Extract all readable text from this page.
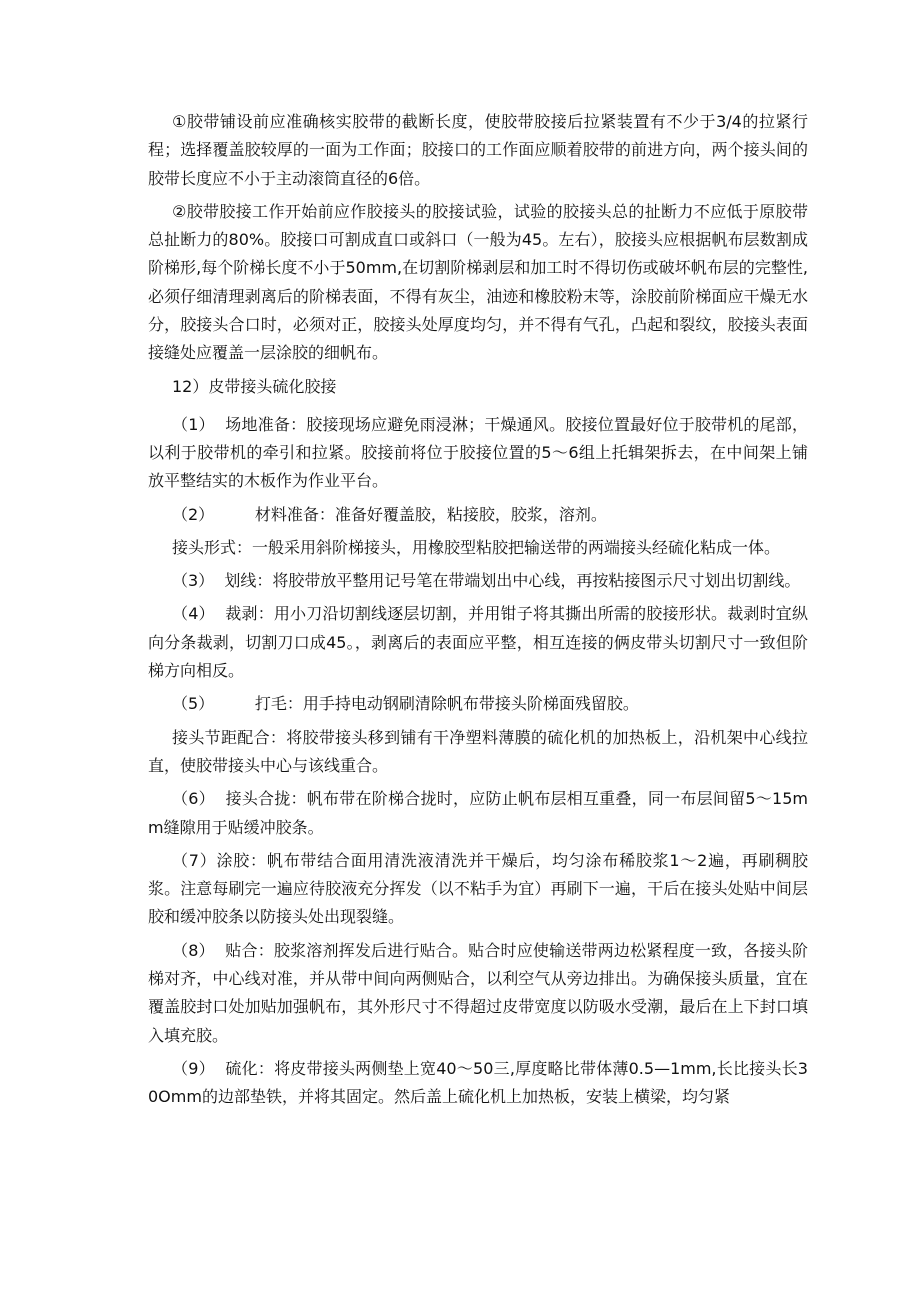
①胶带铺设前应准确核实胶带的截断长度，使胶带胶接后拉紧装置有不少于3/4的拉紧行程；选择覆盖胶较厚的一面为工作面；胶接口的工作面应顺着胶带的前进方向，两个接头间的胶带长度应不小于主动滚筒直径的6倍。

②胶带胶接工作开始前应作胶接头的胶接试验，试验的胶接头总的扯断力不应低于原胶带总扯断力的80%。胶接口可割成直口或斜口（一般为45。左右），胶接头应根据帆布层数割成阶梯形,每个阶梯长度不小于50mm,在切割阶梯剥层和加工时不得切伤或破坏帆布层的完整性,必须仔细清理剥离后的阶梯表面，不得有灰尘，油迹和橡胶粉末等，涂胶前阶梯面应干燥无水分，胶接头合口时，必须对正，胶接头处厚度均匀，并不得有气孔，凸起和裂纹，胶接头表面接缝处应覆盖一层涂胶的细帆布。

12）皮带接头硫化胶接

（1）  场地准备：胶接现场应避免雨浸淋；干燥通风。胶接位置最好位于胶带机的尾部，以利于胶带机的牵引和拉紧。胶接前将位于胶接位置的5～6组上托辑架拆去，在中间架上铺放平整结实的木板作为作业平台。

（2）        材料准备：准备好覆盖胶，粘接胶，胶浆，溶剂。

接头形式：一般采用斜阶梯接头，用橡胶型粘胶把输送带的两端接头经硫化粘成一体。

（3）  划线：将胶带放平整用记号笔在带端划出中心线，再按粘接图示尺寸划出切割线。

（4）  裁剥：用小刀沿切割线逐层切割，并用钳子将其撕出所需的胶接形状。裁剥时宜纵向分条裁剥，切割刀口成45。，剥离后的表面应平整，相互连接的俩皮带头切割尺寸一致但阶梯方向相反。

（5）        打毛：用手持电动钢刷清除帆布带接头阶梯面残留胶。

接头节距配合：将胶带接头移到铺有干净塑料薄膜的硫化机的加热板上，沿机架中心线拉直，使胶带接头中心与该线重合。

（6）  接头合拢：帆布带在阶梯合拢时，应防止帆布层相互重叠，同一布层间留5～15mm缝隙用于贴缓冲胶条。

（7）涂胶：帆布带结合面用清洗液清洗并干燥后，均匀涂布稀胶浆1～2遍，再刷稠胶浆。注意每刷完一遍应待胶液充分挥发（以不粘手为宜）再刷下一遍，干后在接头处贴中间层胶和缓冲胶条以防接头处出现裂缝。

（8）  贴合：胶浆溶剂挥发后进行贴合。贴合时应使输送带两边松紧程度一致，各接头阶梯对齐，中心线对准，并从带中间向两侧贴合，以利空气从旁边排出。为确保接头质量，宜在覆盖胶封口处加贴加强帆布，其外形尺寸不得超过皮带宽度以防吸水受潮，最后在上下封口填入填充胶。

（9）  硫化：将皮带接头两侧垫上宽40～50三,厚度略比带体薄0.5—1mm,长比接头长30Omm的边部垫铁，并将其固定。然后盖上硫化机上加热板，安装上横梁，均匀紧
